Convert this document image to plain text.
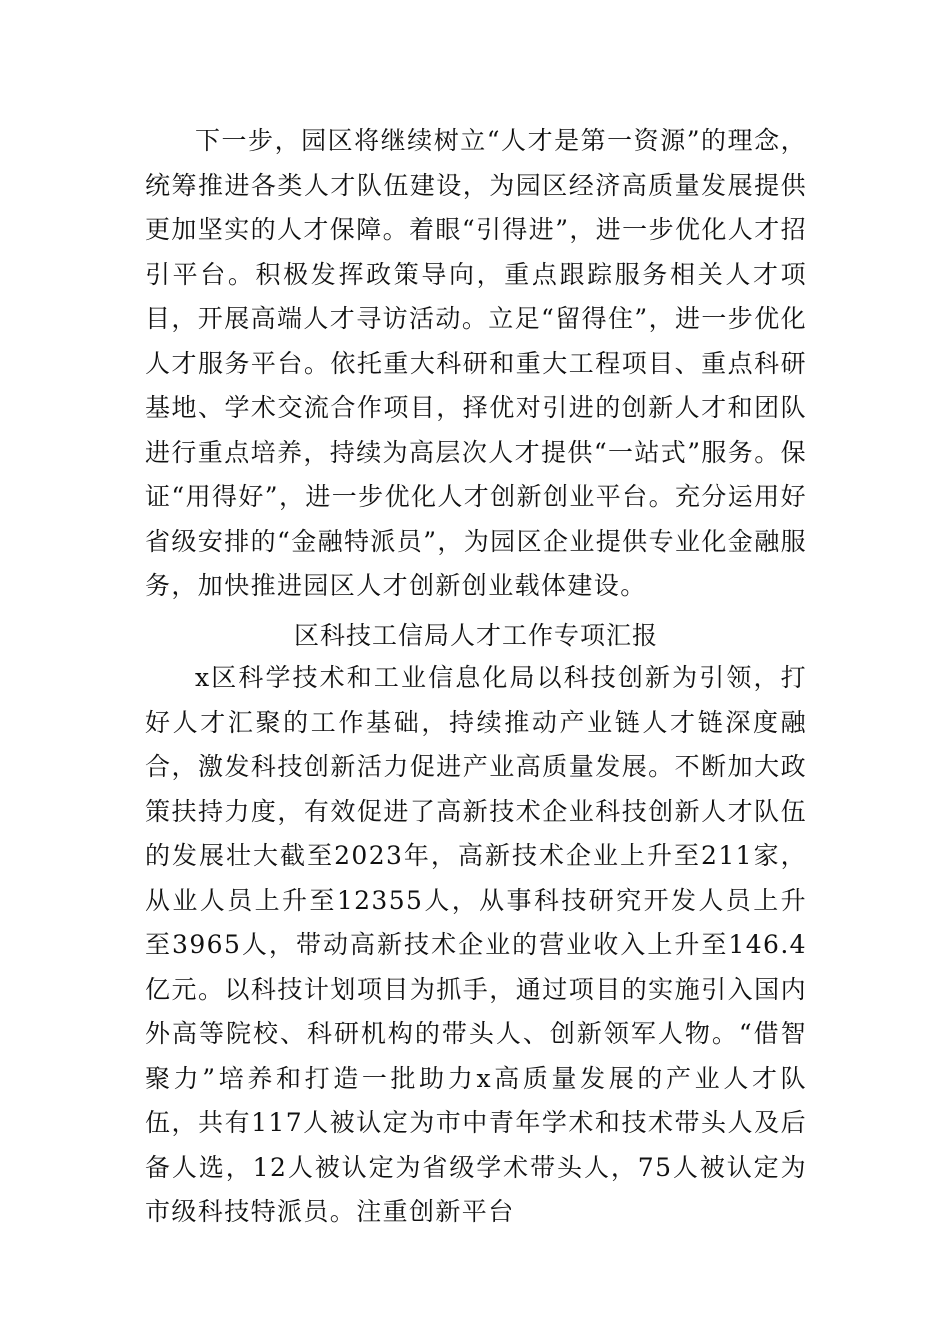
下一步，园区将继续树立“人才是第一资源”的理念，统筹推进各类人才队伍建设，为园区经济高质量发展提供更加坚实的人才保障。着眼“引得进”，进一步优化人才招引平台。积极发挥政策导向，重点跟踪服务相关人才项目，开展高端人才寻访活动。立足“留得住”，进一步优化人才服务平台。依托重大科研和重大工程项目、重点科研基地、学术交流合作项目，择优对引进的创新人才和团队进行重点培养，持续为高层次人才提供“一站式”服务。保证“用得好”，进一步优化人才创新创业平台。充分运用好省级安排的“金融特派员”，为园区企业提供专业化金融服务，加快推进园区人才创新创业载体建设。

区科技工信局人才工作专项汇报

x区科学技术和工业信息化局以科技创新为引领，打好人才汇聚的工作基础，持续推动产业链人才链深度融合，激发科技创新活力促进产业高质量发展。不断加大政策扶持力度，有效促进了高新技术企业科技创新人才队伍的发展壮大截至2023年，高新技术企业上升至211家，从业人员上升至12355人，从事科技研究开发人员上升至3965人，带动高新技术企业的营业收入上升至146.4亿元。以科技计划项目为抓手，通过项目的实施引入国内外高等院校、科研机构的带头人、创新领军人物。“借智聚力”培养和打造一批助力x高质量发展的产业人才队伍，共有117人被认定为市中青年学术和技术带头人及后备人选，12人被认定为省级学术带头人，75人被认定为市级科技特派员。注重创新平台
